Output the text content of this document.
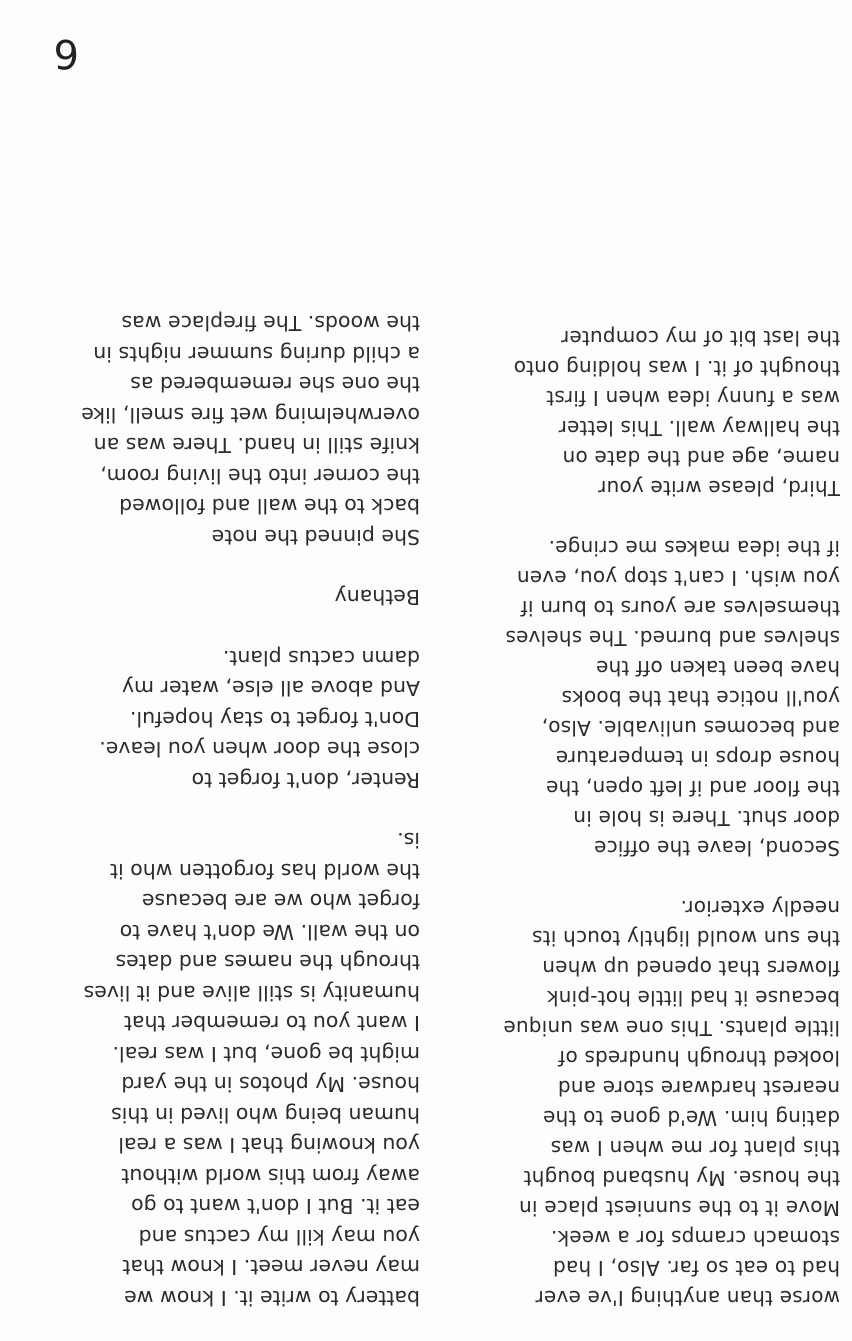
6

worse than anything I've ever
had to eat so far. Also, I had
stomach cramps for a week.
Move it to the sunniest place in
the house. My husband bought
this plant for me when I was
dating him. We'd gone to the
nearest hardware store and
looked through hundreds of
little plants. This one was unique
because it had little hot-pink
flowers that opened up when
the sun would lightly touch its
needly exterior.

Second, leave the office
door shut. There is hole in
the floor and if left open, the
house drops in temperature
and becomes unlivable. Also,
you'll notice that the books
have been taken off the
shelves and burned. The shelves
themselves are yours to burn if
you wish. I can't stop you, even
if the idea makes me cringe.

Third, please write your
name, age and the date on
the hallway wall. This letter
was a funny idea when I first
thought of it. I was holding onto
the last bit of my computer

battery to write it. I know we
may never meet. I know that
you may kill my cactus and
eat it. But I don't want to go
away from this world without
you knowing that I was a real
human being who lived in this
house. My photos in the yard
might be gone, but I was real.
I want you to remember that
humanity is still alive and it lives
through the names and dates
on the wall. We don't have to
forget who we are because
the world has forgotten who it
is.

Renter, don't forget to
close the door when you leave.
Don't forget to stay hopeful.
And above all else, water my
damn cactus plant.

Bethany

She pinned the note
back to the wall and followed
the corner into the living room,
knife still in hand. There was an
overwhelming wet fire smell, like
the one she remembered as
a child during summer nights in
the woods. The fireplace was
